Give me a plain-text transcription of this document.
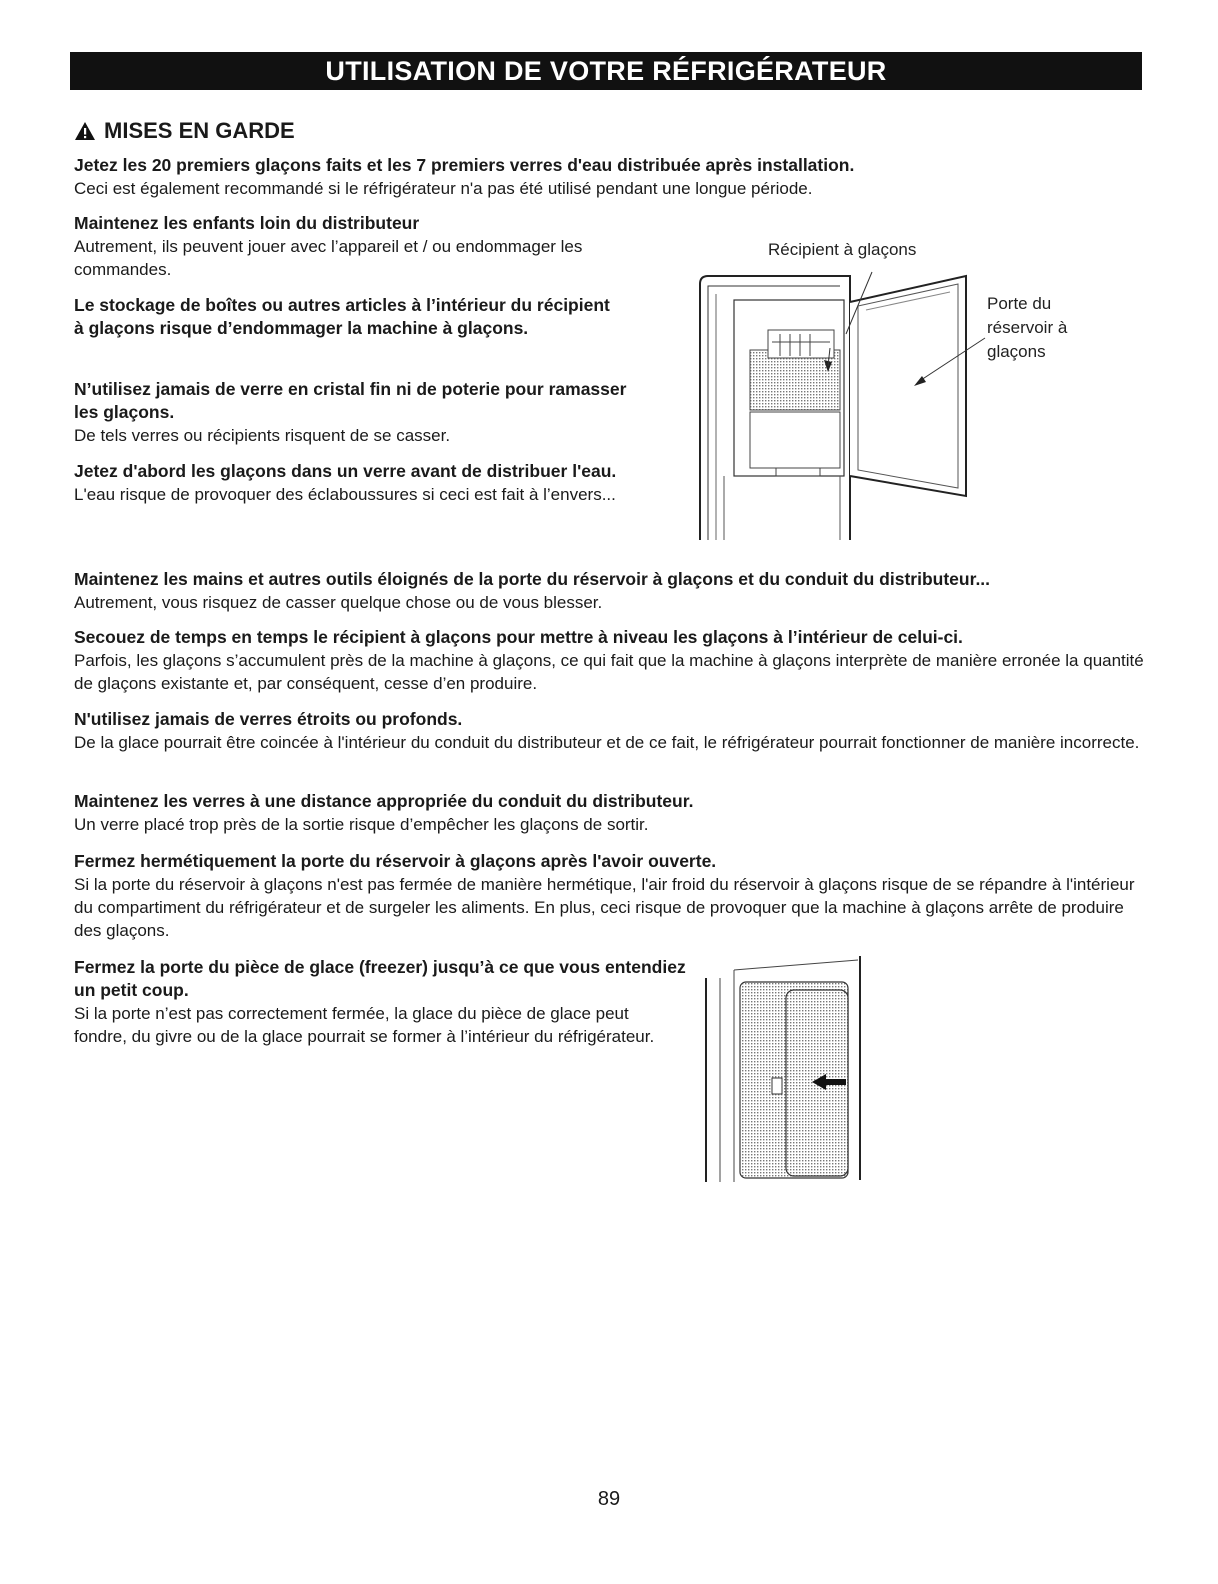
UTILISATION DE VOTRE RÉFRIGÉRATEUR
MISES EN GARDE
Jetez les 20 premiers glaçons faits et les 7 premiers verres d'eau distribuée après installation.
Ceci est également recommandé si le réfrigérateur n'a pas été utilisé pendant une longue période.
Maintenez les enfants loin du distributeur
Autrement, ils peuvent jouer avec l’appareil et / ou endommager les commandes.
Le stockage de boîtes ou autres articles à l’intérieur du récipient à glaçons risque d’endommager la machine à glaçons.
N’utilisez jamais de verre en cristal fin ni de poterie pour ramasser les glaçons.
De tels verres ou récipients risquent de se casser.
Jetez d'abord les glaçons dans un verre avant de distribuer l'eau.
L'eau risque de provoquer des éclaboussures si ceci est fait à l’envers...
Maintenez les mains et autres outils éloignés de la porte du réservoir à glaçons et du conduit du distributeur...
Autrement, vous risquez de casser quelque chose ou de vous blesser.
Secouez de temps en temps le récipient à glaçons pour mettre à niveau les glaçons à l’intérieur de celui-ci.
Parfois, les glaçons s’accumulent près de la machine à glaçons, ce qui fait que la machine à glaçons interprète de manière erronée la quantité de glaçons existante et, par conséquent, cesse d’en produire.
N'utilisez jamais de verres étroits ou profonds.
De la glace pourrait être coincée à l'intérieur du conduit du distributeur et de ce fait, le réfrigérateur pourrait fonctionner de manière incorrecte.
Maintenez les verres à une distance appropriée du conduit du distributeur.
Un verre placé trop près de la sortie risque d’empêcher les glaçons de sortir.
Fermez hermétiquement la porte du réservoir à glaçons après l'avoir ouverte.
Si la porte du réservoir à glaçons n'est pas fermée de manière hermétique, l'air froid du réservoir à glaçons risque de se répandre à l'intérieur du compartiment du réfrigérateur et de surgeler les aliments. En plus, ceci risque de provoquer que la machine à glaçons arrête de produire des glaçons.
Fermez la porte du pièce de glace (freezer) jusqu’à ce que vous entendiez un petit coup.
Si la porte n’est pas correctement fermée, la glace du pièce de glace peut fondre, du givre ou de la glace pourrait se former à l’intérieur du réfrigérateur.
Récipient à glaçons
Porte du réservoir à glaçons
89
